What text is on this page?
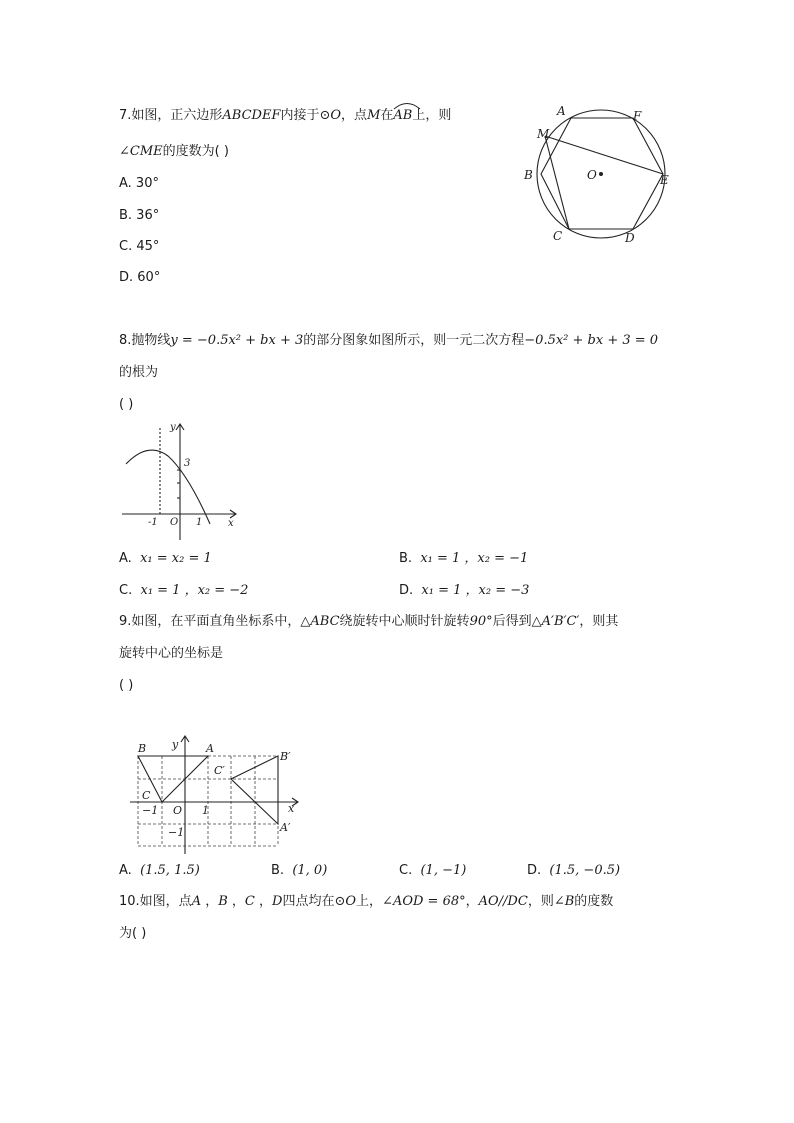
7.如图，正六边形ABCDEF内接于⊙O，点M在
AB上，则
∠CME的度数为( )
A. 30°
B. 36°
C. 45°
D. 60°
A	F
M
B	O	E
C	D
8.抛物线y = −0.5x² + bx + 3的部分图象如图所示，则一元二次方程−0.5x² + bx + 3 = 0
的根为
( )
y
3
-1 O 1	x
A. x₁ = x₂ = 1	B. x₁ = 1 ，x₂ = −1
C. x₁ = 1 ，x₂ = −2	D. x₁ = 1 ，x₂ = −3
9.如图，在平面直角坐标系中，△ABC绕旋转中心顺时针旋转90°后得到△A′B′C′，则其
旋转中心的坐标是
( )
B y	A
B′
C′
C
−1 O 1	x
−1	A′
A. (1.5, 1.5)	B. (1, 0)	C. (1, −1)	D. (1.5, −0.5)
10.如图，点A ，B ，C ，D四点均在⊙O上，∠AOD = 68°，AO//DC，则∠B的度数
为( )
